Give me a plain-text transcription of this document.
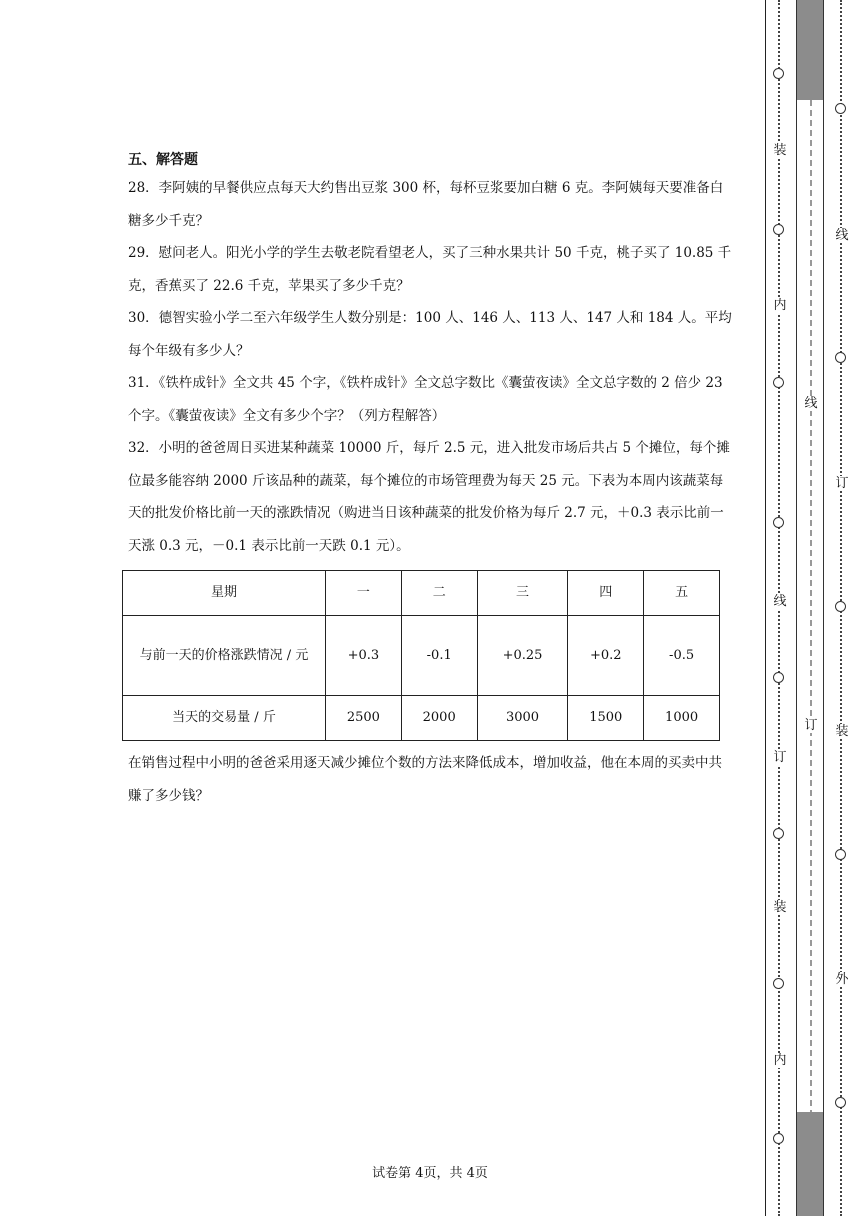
五、解答题

28．李阿姨的早餐供应点每天大约售出豆浆 300 杯，每杯豆浆要加白糖 6 克。李阿姨每天要准备白糖多少千克？

29．慰问老人。阳光小学的学生去敬老院看望老人，买了三种水果共计 50 千克，桃子买了 10.85 千克，香蕉买了 22.6 千克，苹果买了多少千克？

30．德智实验小学二至六年级学生人数分别是：100 人、146 人、113 人、147 人和 184 人。平均每个年级有多少人？

31．《铁杵成针》全文共 45 个字，《铁杵成针》全文总字数比《囊萤夜读》全文总字数的 2 倍少 23 个字。《囊萤夜读》全文有多少个字？（列方程解答）

32．小明的爸爸周日买进某种蔬菜 10000 斤，每斤 2.5 元，进入批发市场后共占 5 个摊位，每个摊位最多能容纳 2000 斤该品种的蔬菜，每个摊位的市场管理费为每天 25 元。下表为本周内该蔬菜每天的批发价格比前一天的涨跌情况（购进当日该种蔬菜的批发价格为每斤 2.7 元，＋0.3 表示比前一天涨 0.3 元，－0.1 表示比前一天跌 0.1 元）。

星期	一	二	三	四	五
与前一天的价格涨跌情况 / 元	+0.3	-0.1	+0.25	+0.2	-0.5
当天的交易量 / 斤	2500	2000	3000	1500	1000

在销售过程中小明的爸爸采用逐天减少摊位个数的方法来降低成本，增加收益，他在本周的买卖中共赚了多少钱？

试卷第 4页，共 4页
装
内
线
订
装
内
线
订
线
订
装
外
